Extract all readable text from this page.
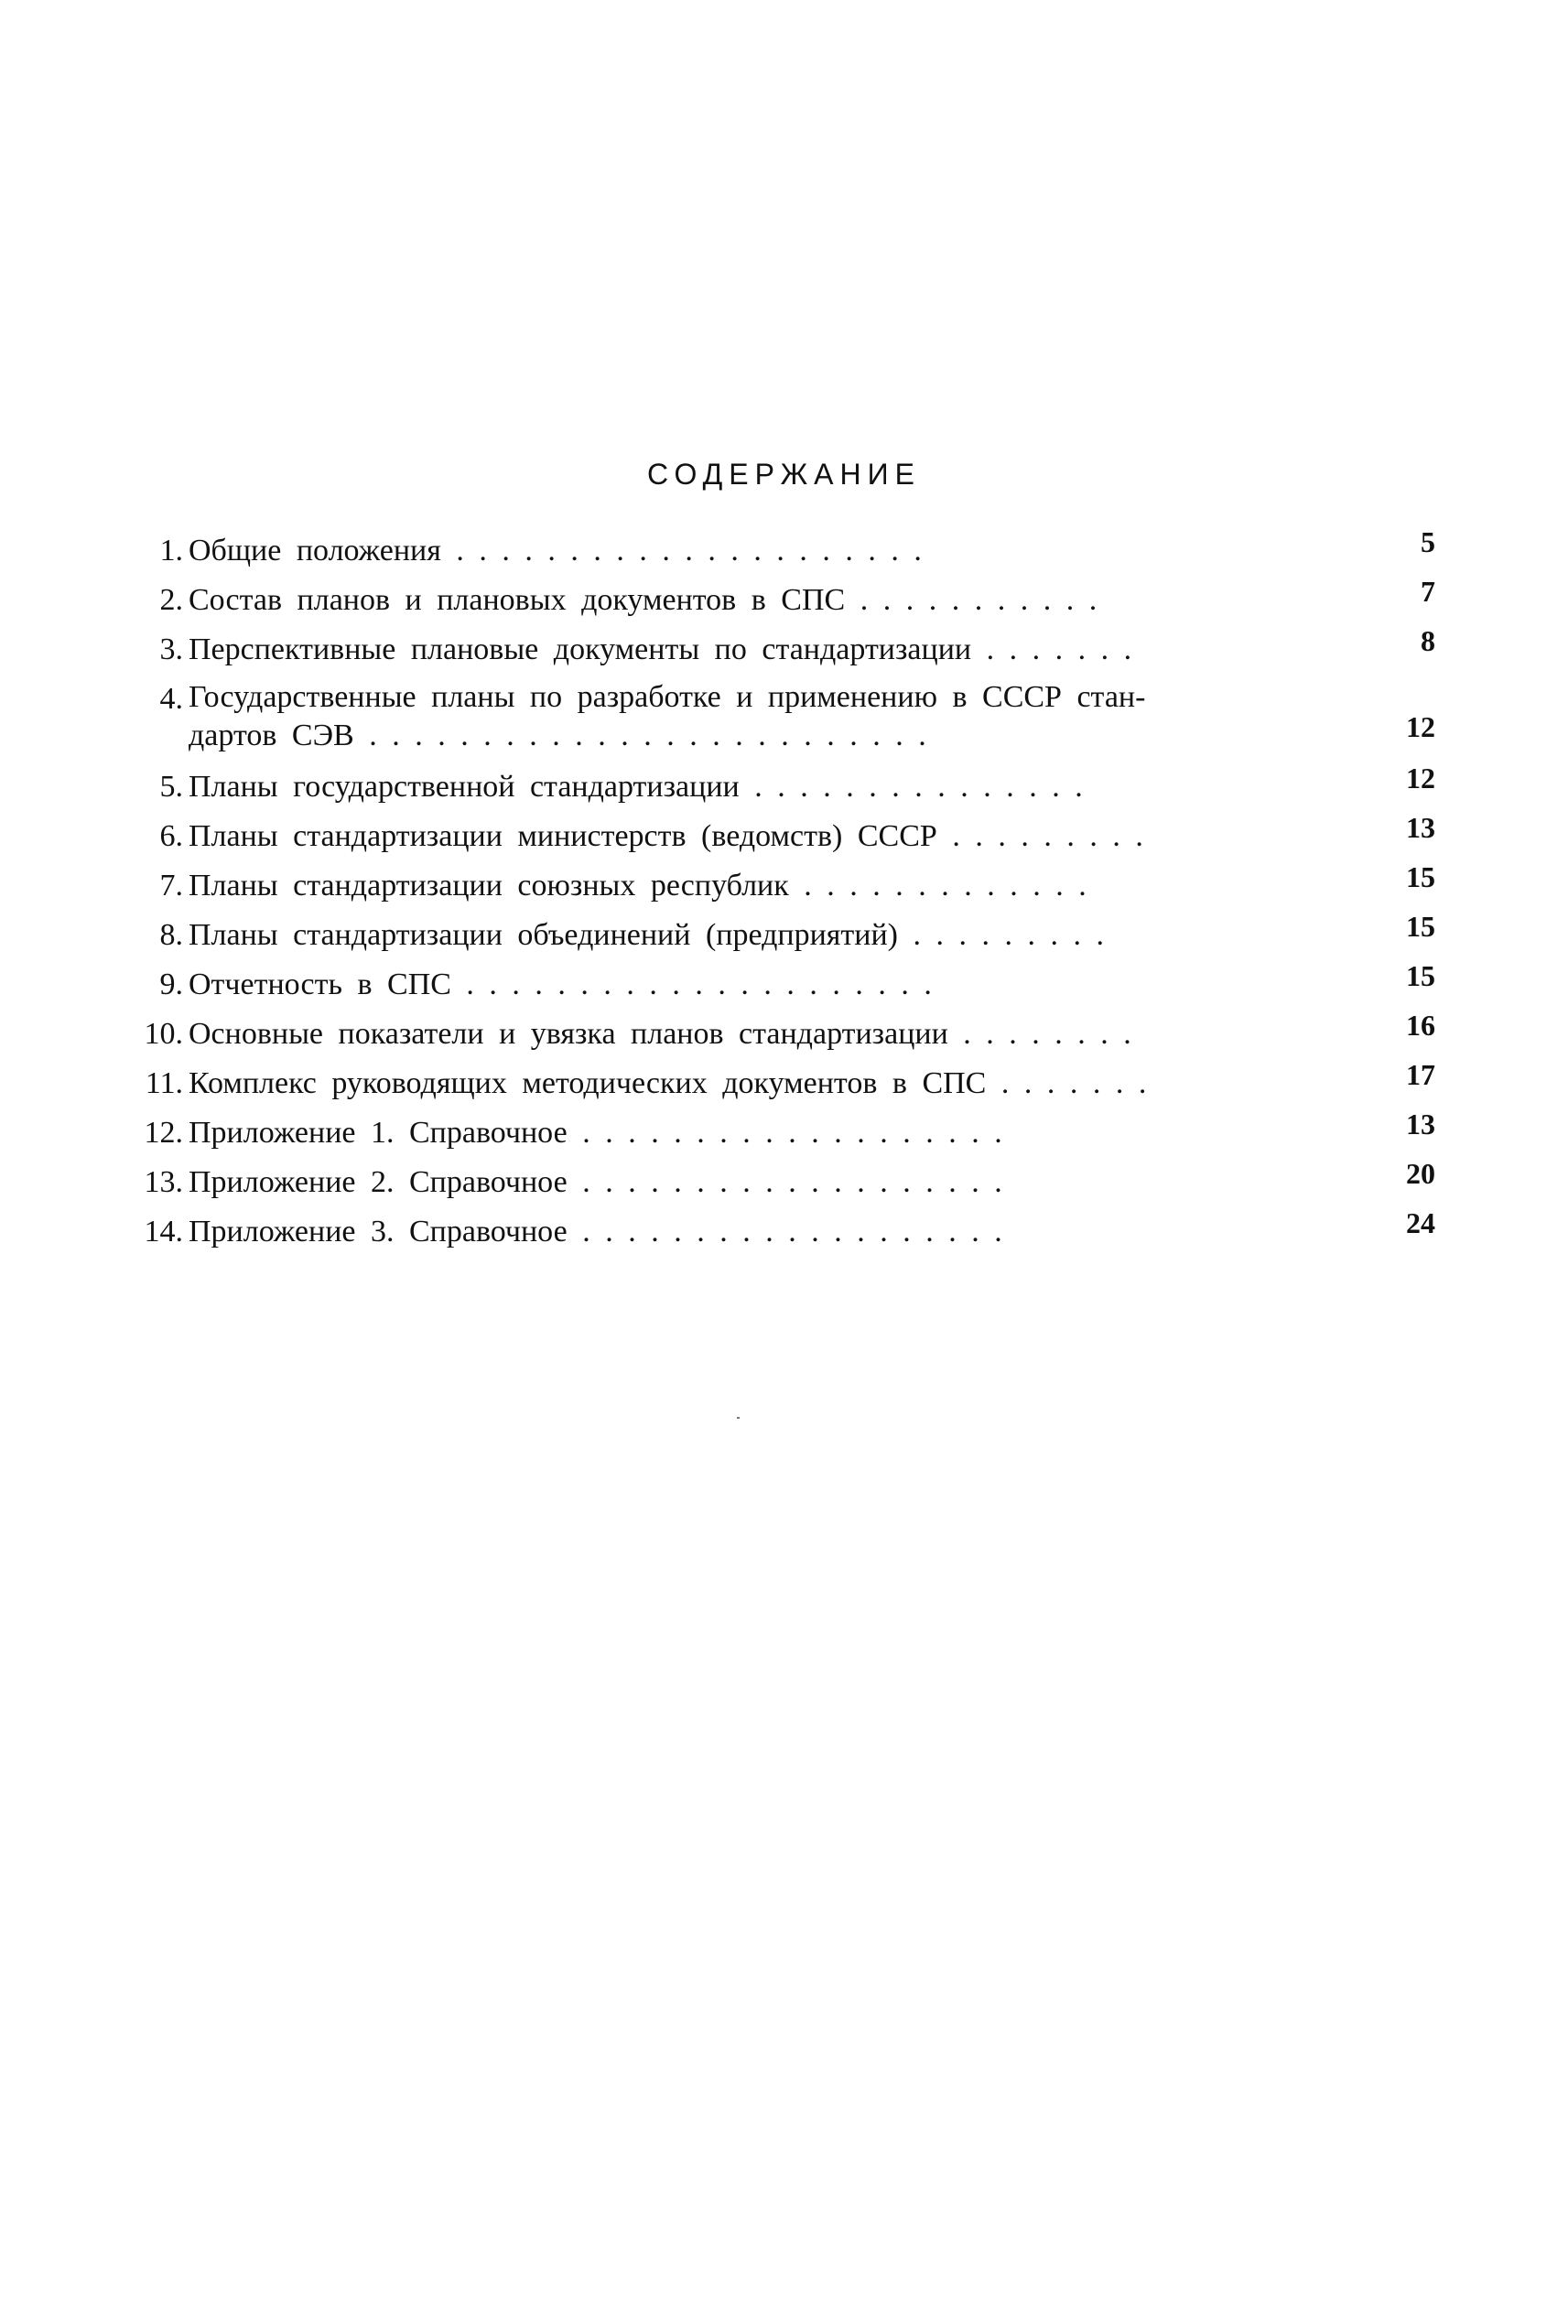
СОДЕРЖАНИЕ
1. Общие положения . . . . . . . . . . . . . . . . . . . . .	5
2. Состав планов и плановых документов в СПС . . . . . . . . . . .	7
3. Перспективные плановые документы по стандартизации . . . . . . .	8
4. Государственные планы по разработке и применению в СССР стан-
дартов СЭВ . . . . . . . . . . . . . . . . . . . . . . . . .	12
5. Планы государственной стандартизации . . . . . . . . . . . . . . .	12
6. Планы стандартизации министерств (ведомств) СССР . . . . . . . . .	13
7. Планы стандартизации союзных республик . . . . . . . . . . . . .	15
8. Планы стандартизации объединений (предприятий) . . . . . . . . .	15
9. Отчетность в СПС . . . . . . . . . . . . . . . . . . . . .	15
10. Основные показатели и увязка планов стандартизации . . . . . . . .	16
11. Комплекс руководящих методических документов в СПС . . . . . . .	17
12. Приложение 1. Справочное . . . . . . . . . . . . . . . . . . .	13
13. Приложение 2. Справочное . . . . . . . . . . . . . . . . . . .	20
14. Приложение 3. Справочное . . . . . . . . . . . . . . . . . . .	24
